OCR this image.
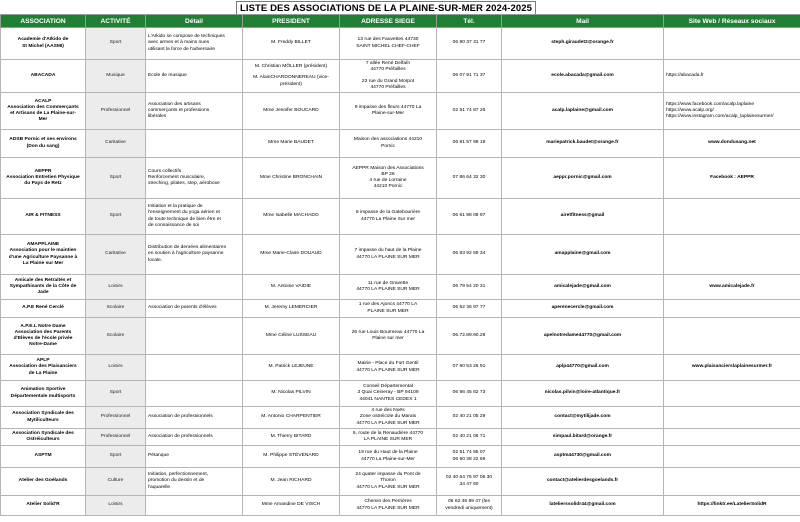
LISTE DES ASSOCIATIONS DE LA PLAINE-SUR-MER 2024-2025
ASSOCIATION	ACTIVITÉ	Détail	PRESIDENT	ADRESSE SIEGE	Tél.	Mail	Site Web / Réseaux sociaux

Academie d'Aïkido de
St Michel (AASMI)	Sport	L'Aïkido se compose de techniques
avec armes et à mains nues
utilisant la force de l'adversaire	M. Freddy BILLET	13 rue des Fauvettes 44730
SAINT MICHEL CHEF-CHEF	06 80 37 31 77	steph.giraudet2@orange.fr	

ABACADA	Musique	Ecole de musique	M. Christian MÖLLER (président)
M. AlainCHARDONNEREAU (vice-
président)	7 allée René Delfaîn
44770 Préfailles
23 rue du Grand Morpot
44770 Préfailles	06 07 91 71 37	ecole.abacada@gmail.com	https://abacada.fr

ACALP
Association des Commerçants
et Artisans de La Plaine-sur-
Mer	Professionnel	Association des artisans
commerçants et professions
libérales	Mme Jennifer BOUCARD	9 impasse des fleurs 44770 La
Plaine-sur-Mer	02 51 74 87 26	acalp.laplaine@gmail.com	https://www.facebook.com/acalp.laplaine
https://www.acalp.org/
https://www.instagram.com/acalp_laplainesurmer/

ADSB Pornic et ses environs
(Don du sang)	Caritative		Mme Marie BAUDET	Maison des associations 44210
Pornic	06 81 57 98 19	mariepatrick.baudet@orange.fr	www.dondusang.net

AEPPR
Association Entretien Physique
du Pays de Retz	Sport	Cours collectifs
Renforcement musculaire,
streching, pilates, step, aéroboxe	Mme Christine BRONCHAIN	AEPPR Maison des Associations
BP 26
4 rue de Lorraine
44210 Pornic	07 86 64 32 30	aeppr.pornic@gmail.com	Facebook : AEPPR

AIR & FITNESS	Sport	Initiation et la pratique de
l'enseignement du yoga aérien et
de toute technique de bien être et
de connaissance de soi	Mme Isabelle MACHADO	8 impasse de la Gatebourière
44770 La Plaine Sur mer	06 61 98 08 97	airetfitness@gmail	

AMAPPLAINE
Association pour le maintien
d'une Agriculture Paysanne à
La Plaine sur Mer	Caritative	Distribution de denrées alimentaires
en soutien à l'agriculture paysanne
locale.	Mme Marie-Claire DOUAUD	7 impasse du haut de la Plaine
44770 LA PLAINE SUR MER	06 83 92 59 34	amapplaine@gmail.com	

Amicale des Retraités et
Sympathisants de la Côte de
Jade	Loisirs		M. Antoine VAIDIE	11 rue de Gravette
44770 LA PLAINE SUR MER	06 79 54 20 31	amicalejade@gmail.com	www.amicalejade.fr

A.P.E René Cerclé	Scolaire	Association de parents d'élèves	M. Jeremy LEMERCIER	1 rue des Ajoncs 44770 LA
PLAINE SUR MER	06 52 36 97 77	aperenecercle@gmail.com	

A.P.E.L Notre Dame
Association des Parents
d'Elèves de l'école privée
Notre-Dame	Scolaire		Mme Céline LUSSEAU	26 rue Louis Bourmeau 44770 La
Plaine sur mer	06.72.89.90.28	apelnotredame44770@gmail.com	

APLP
Association des Plaisanciers
de La Plaine	Loisirs		M. Patrick LEJEUNE	Mairie - Place du Fort Gentil
44770 LA PLAINE SUR MER	07 80 53 26 91	aplp44770@gmail.com	www.plaisancierslaplainesurmer.fr

Animation Sportive
Départementale multisports	Sport		M. Nicolas PILVIN	Conseil Départemental
3 Quai Ceineray - BP 94109
44041 NANTES CEDEX 1	06 86 45 82 73	nicolas.pilvin@loire-atlantique.fr	

Association Syndicale des
Mytiliculteurs	Professionnel	Association de professionnels	M. Antonio CHARPENTIER	4 rue des Noës
Zone ostréicole du Marais
44770 LA PLAINE SUR MER	02 40 21 05 29	contact@mytilijade.com	

Association Syndicale des
Ostréiculteurs	Professionnel	Association de professionnels	M. Thierry BITARD	5, route de la Renaudière 44770
LA PLAINE SUR MER	02 40 21 06 71	simpaul.bitard@orange.fr	

ASPTM	Sport	Pétanque	M. Philippe STÉVENARD	19 rue du Haut de la Plaine
44770 La Plaine-sur-Mer	02 51 74 95 07
06 60 38 22 69	asptm44730@gmail.com	

Atelier des Goélands	Culture	Initiation, perfectionnement,
promotion du dessin et de
l'aquarelle	M. Jean RICHARD	24 quater impasse du Pont de
Thoron
44770 LA PLAINE SUR MER	02 40 64 75 97 06 30
34 47 60	contact@atelierdesgoelands.fr	

Atelier Solid'R	Loisirs		Mme Amandine DE VISCH	Chemin des Perrières
44770 LA PLAINE SUR MER	06 62 46 89 47 (les
vendredi uniquement)	latelierssolidr44@gmail.com	https://linktr.ee/LatelierSolidR
